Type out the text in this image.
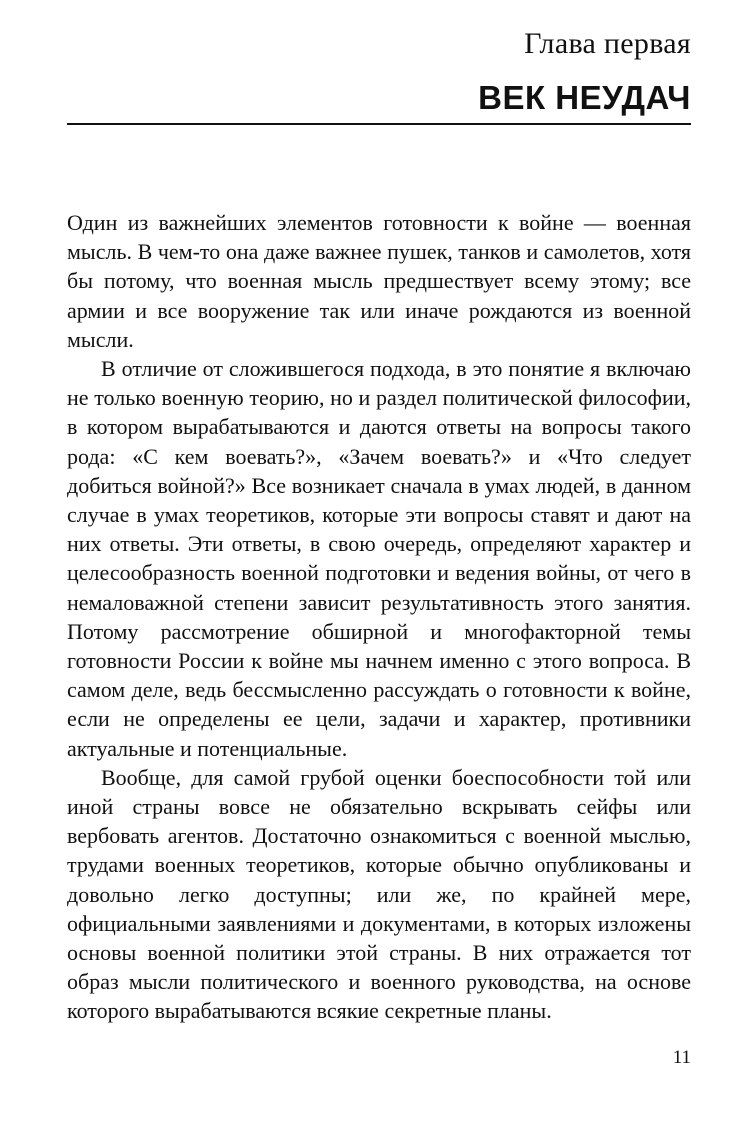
Глава первая
ВЕК НЕУДАЧ

Один из важнейших элементов готовности к войне — военная мысль. В чем-то она даже важнее пушек, танков и самолетов, хотя бы потому, что военная мысль предшествует всему этому; все армии и все вооружение так или иначе рождаются из военной мысли.

В отличие от сложившегося подхода, в это понятие я включаю не только военную теорию, но и раздел политической философии, в котором вырабатываются и даются ответы на вопросы такого рода: «С кем воевать?», «Зачем воевать?» и «Что следует добиться войной?» Все возникает сначала в умах людей, в данном случае в умах теоретиков, которые эти вопросы ставят и дают на них ответы. Эти ответы, в свою очередь, определяют характер и целесообразность военной подготовки и ведения войны, от чего в немаловажной степени зависит результативность этого занятия. Потому рассмотрение обширной и многофакторной темы готовности России к войне мы начнем именно с этого вопроса. В самом деле, ведь бессмысленно рассуждать о готовности к войне, если не определены ее цели, задачи и характер, противники актуальные и потенциальные.

Вообще, для самой грубой оценки боеспособности той или иной страны вовсе не обязательно вскрывать сейфы или вербовать агентов. Достаточно ознакомиться с военной мыслью, трудами военных теоретиков, которые обычно опубликованы и довольно легко доступны; или же, по крайней мере, официальными заявлениями и документами, в которых изложены основы военной политики этой страны. В них отражается тот образ мысли политического и военного руководства, на основе которого вырабатываются всякие секретные планы.

11
